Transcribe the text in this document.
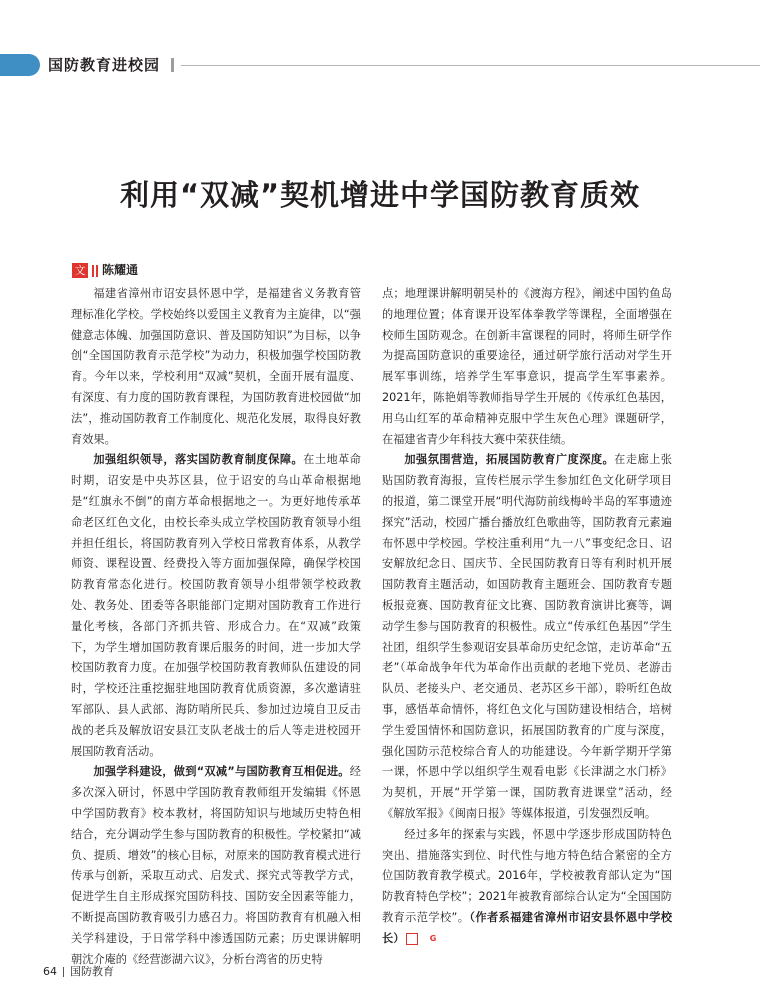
国防教育进校园
利用“双减”契机增进中学国防教育质效
文 陈耀通

福建省漳州市诏安县怀恩中学，是福建省义务教育管理标准化学校。学校始终以爱国主义教育为主旋律，以“强健意志体魄、加强国防意识、普及国防知识”为目标，以争创“全国国防教育示范学校”为动力，积极加强学校国防教育。今年以来，学校利用“双减”契机，全面开展有温度、有深度、有力度的国防教育课程，为国防教育进校园做“加法”，推动国防教育工作制度化、规范化发展，取得良好教育效果。

加强组织领导，落实国防教育制度保障。在土地革命时期，诏安是中央苏区县，位于诏安的乌山革命根据地是“红旗永不倒”的南方革命根据地之一。为更好地传承革命老区红色文化，由校长牵头成立学校国防教育领导小组并担任组长，将国防教育列入学校日常教育体系，从教学师资、课程设置、经费投入等方面加强保障，确保学校国防教育常态化进行。校国防教育领导小组带领学校政教处、教务处、团委等各职能部门定期对国防教育工作进行量化考核，各部门齐抓共管、形成合力。在“双减”政策下，为学生增加国防教育课后服务的时间，进一步加大学校国防教育力度。在加强学校国防教育教师队伍建设的同时，学校还注重挖掘驻地国防教育优质资源，多次邀请驻军部队、县人武部、海防哨所民兵、参加过边境自卫反击战的老兵及解放诏安县江支队老战士的后人等走进校园开展国防教育活动。

加强学科建设，做到“双减”与国防教育互相促进。经多次深入研讨，怀恩中学国防教育教师组开发编辑《怀恩中学国防教育》校本教材，将国防知识与地域历史特色相结合，充分调动学生参与国防教育的积极性。学校紧扣“减负、提质、增效”的核心目标，对原来的国防教育模式进行传承与创新，采取互动式、启发式、探究式等教学方式，促进学生自主形成探究国防科技、国防安全因素等能力，不断提高国防教育吸引力感召力。将国防教育有机融入相关学科建设，于日常学科中渗透国防元素；历史课讲解明朝沈介庵的《经营澎湖六议》，分析台湾省的历史特

点；地理课讲解明朝吴朴的《渡海方程》，阐述中国钓鱼岛的地理位置；体育课开设军体拳教学等课程，全面增强在校师生国防观念。在创新丰富课程的同时，将师生研学作为提高国防意识的重要途径，通过研学旅行活动对学生开展军事训练，培养学生军事意识，提高学生军事素养。2021年，陈艳娟等教师指导学生开展的《传承红色基因，用乌山红军的革命精神克服中学生灰色心理》课题研学，在福建省青少年科技大赛中荣获佳绩。

加强氛围营造，拓展国防教育广度深度。在走廊上张贴国防教育海报，宣传栏展示学生参加红色文化研学项目的报道，第二课堂开展“明代海防前线梅岭半岛的军事遗迹探究”活动，校园广播台播放红色歌曲等，国防教育元素遍布怀恩中学校园。学校注重利用“九一八”事变纪念日、诏安解放纪念日、国庆节、全民国防教育日等有利时机开展国防教育主题活动，如国防教育主题班会、国防教育专题板报竞赛、国防教育征文比赛、国防教育演讲比赛等，调动学生参与国防教育的积极性。成立“传承红色基因”学生社团，组织学生参观诏安县革命历史纪念馆，走访革命“五老”（革命战争年代为革命作出贡献的老地下党员、老游击队员、老接头户、老交通员、老苏区乡干部），聆听红色故事，感悟革命情怀，将红色文化与国防建设相结合，培树学生爱国情怀和国防意识，拓展国防教育的广度与深度，强化国防示范校综合育人的功能建设。今年新学期开学第一课，怀恩中学以组织学生观看电影《长津湖之水门桥》为契机，开展“开学第一课，国防教育进课堂”活动，经《解放军报》《闽南日报》等媒体报道，引发强烈反响。

经过多年的探索与实践，怀恩中学逐步形成国防特色突出、措施落实到位、时代性与地方特色结合紧密的全方位国防教育教学模式。2016年，学校被教育部认定为“国防教育特色学校”；2021年被教育部综合认定为“全国国防教育示范学校”。（作者系福建省漳州市诏安县怀恩中学校长）	G

64 国防教育
